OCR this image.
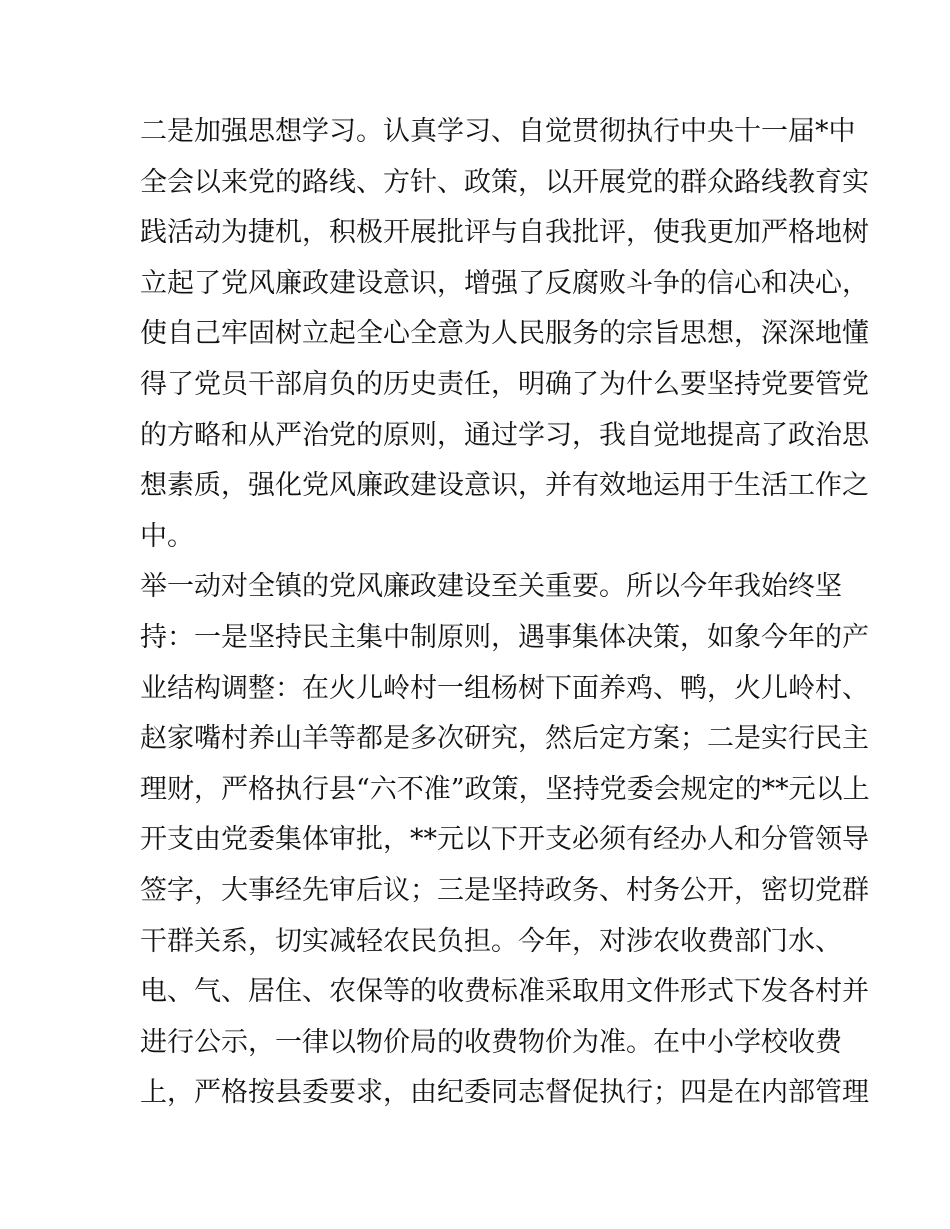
二是加强思想学习。认真学习、自觉贯彻执行中央十一届*中
全会以来党的路线、方针、政策，以开展党的群众路线教育实
践活动为捷机，积极开展批评与自我批评，使我更加严格地树
立起了党风廉政建设意识，增强了反腐败斗争的信心和决心，
使自己牢固树立起全心全意为人民服务的宗旨思想，深深地懂
得了党员干部肩负的历史责任，明确了为什么要坚持党要管党
的方略和从严治党的原则，通过学习，我自觉地提高了政治思
想素质，强化党风廉政建设意识，并有效地运用于生活工作之
中。
举一动对全镇的党风廉政建设至关重要。所以今年我始终坚
持：一是坚持民主集中制原则，遇事集体决策，如象今年的产
业结构调整：在火儿岭村一组杨树下面养鸡、鸭，火儿岭村、
赵家嘴村养山羊等都是多次研究，然后定方案；二是实行民主
理财，严格执行县“六不准”政策，坚持党委会规定的**元以上
开支由党委集体审批，**元以下开支必须有经办人和分管领导
签字，大事经先审后议；三是坚持政务、村务公开，密切党群
干群关系，切实减轻农民负担。今年，对涉农收费部门水、
电、气、居住、农保等的收费标准采取用文件形式下发各村并
进行公示，一律以物价局的收费物价为准。在中小学校收费
上，严格按县委要求，由纪委同志督促执行；四是在内部管理
